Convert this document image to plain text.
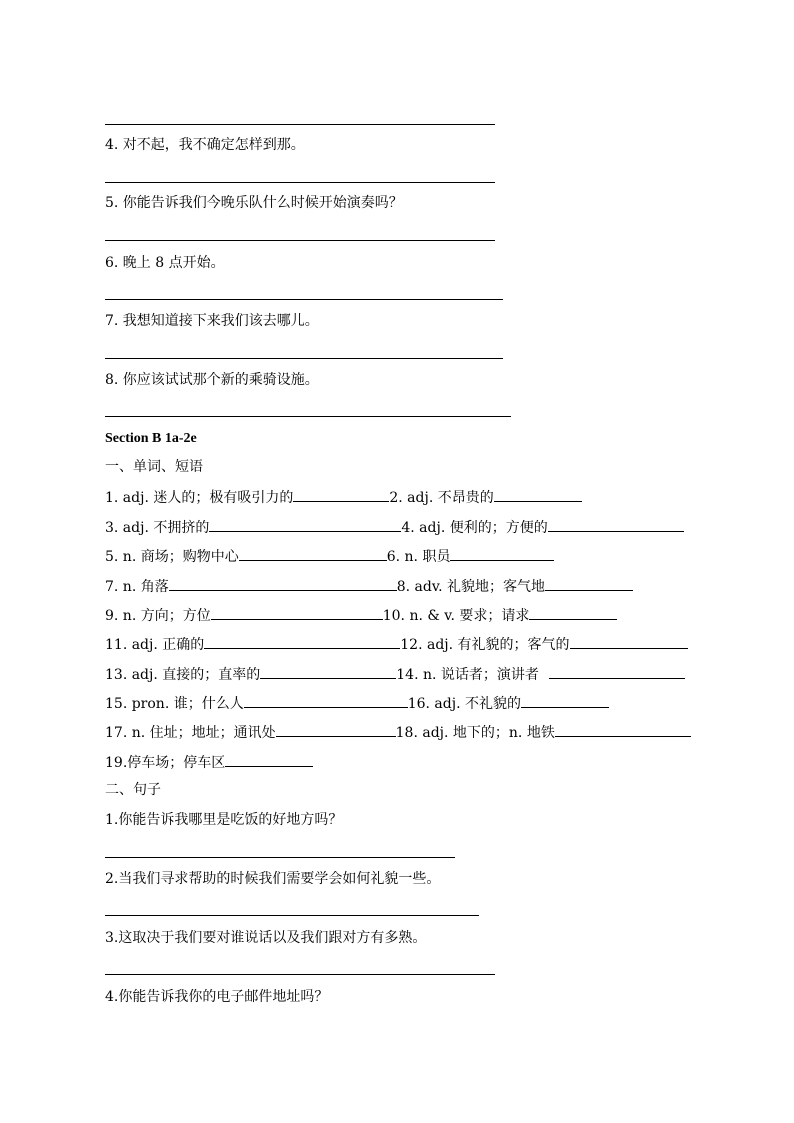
4. 对不起，我不确定怎样到那。
5. 你能告诉我们今晚乐队什么时候开始演奏吗？
6. 晚上 8 点开始。
7. 我想知道接下来我们该去哪儿。
8. 你应该试试那个新的乘骑设施。
Section B 1a-2e
一、单词、短语
1. adj. 迷人的；极有吸引力的	2. adj. 不昂贵的
3. adj. 不拥挤的	4. adj. 便利的；方便的
5. n. 商场；购物中心	6. n. 职员
7. n. 角落	8. adv. 礼貌地；客气地
9. n. 方向；方位	10. n. & v. 要求；请求
11. adj. 正确的	12. adj. 有礼貌的；客气的
13. adj. 直接的；直率的	14. n. 说话者；演讲者
15. pron. 谁；什么人	16. adj. 不礼貌的
17. n. 住址；地址；通讯处	18. adj. 地下的；n. 地铁
19.停车场；停车区
二、句子
1.你能告诉我哪里是吃饭的好地方吗？
2.当我们寻求帮助的时候我们需要学会如何礼貌一些。
3.这取决于我们要对谁说话以及我们跟对方有多熟。
4.你能告诉我你的电子邮件地址吗？
